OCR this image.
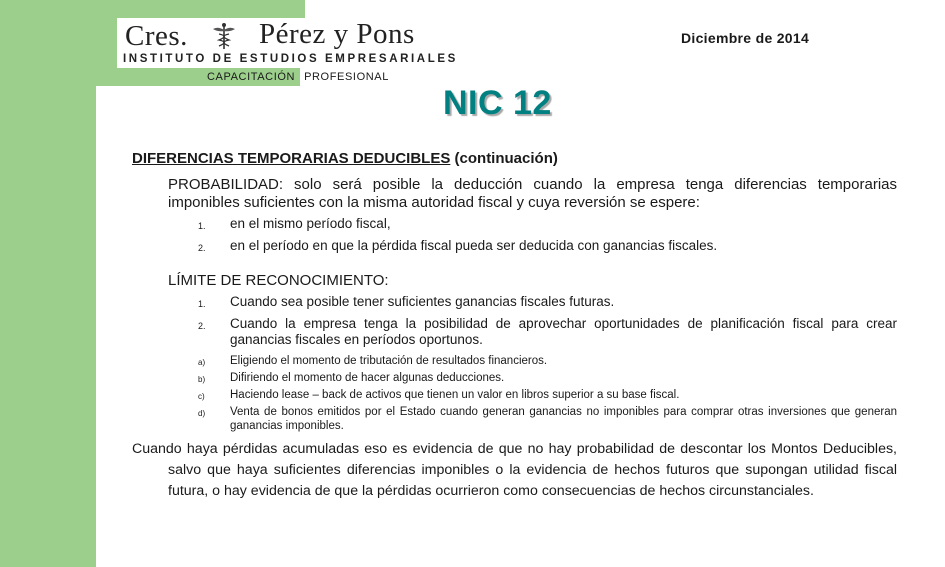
Cres. Pérez y Pons
INSTITUTO DE ESTUDIOS EMPRESARIALES
CAPACITACIÓN PROFESIONAL
Diciembre de 2014
NIC 12

DIFERENCIAS TEMPORARIAS DEDUCIBLES (continuación)

PROBABILIDAD: solo será posible la deducción cuando la empresa tenga diferencias temporarias imponibles suficientes con la misma autoridad fiscal y cuya reversión se espere:

1. en el mismo período fiscal,
2. en el período en que la pérdida fiscal pueda ser deducida con ganancias fiscales.

LÍMITE DE RECONOCIMIENTO:

1. Cuando sea posible tener suficientes ganancias fiscales futuras.
2. Cuando la empresa tenga la posibilidad de aprovechar oportunidades de planificación fiscal para crear ganancias fiscales en períodos oportunos.
a) Eligiendo el momento de tributación de resultados financieros.
b) Difiriendo el momento de hacer algunas deducciones.
c) Haciendo lease – back de activos que tienen un valor en libros superior a su base fiscal.
d) Venta de bonos emitidos por el Estado cuando generan ganancias no imponibles para comprar otras inversiones que generan ganancias imponibles.

Cuando haya pérdidas acumuladas eso es evidencia de que no hay probabilidad de descontar los Montos Deducibles, salvo que haya suficientes diferencias imponibles o la evidencia de hechos futuros que supongan utilidad fiscal futura, o hay evidencia de que la pérdidas ocurrieron como consecuencias de hechos circunstanciales.
